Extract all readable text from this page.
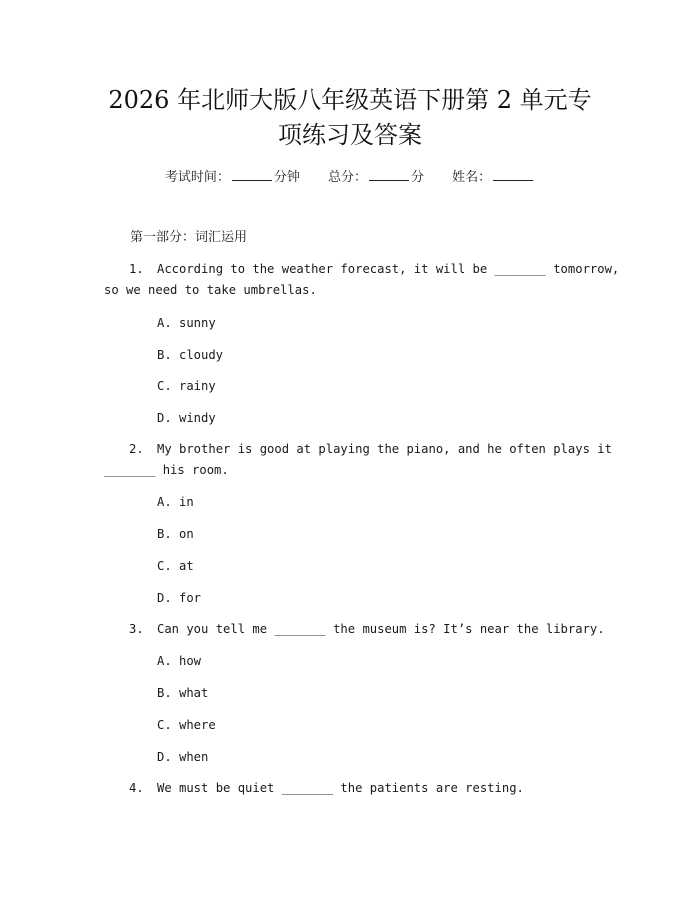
2026 年北师大版八年级英语下册第 2 单元专
项练习及答案
考试时间：	分钟 总分：	分 姓名：
第一部分：词汇运用
1. According to the weather forecast, it will be _______ tomorrow,
so we need to take umbrellas.
A. sunny
B. cloudy
C. rainy
D. windy
2. My brother is good at playing the piano, and he often plays it
_______ his room.
A. in
B. on
C. at
D. for
3. Can you tell me _______ the museum is? It’s near the library.
A. how
B. what
C. where
D. when
4. We must be quiet _______ the patients are resting.
